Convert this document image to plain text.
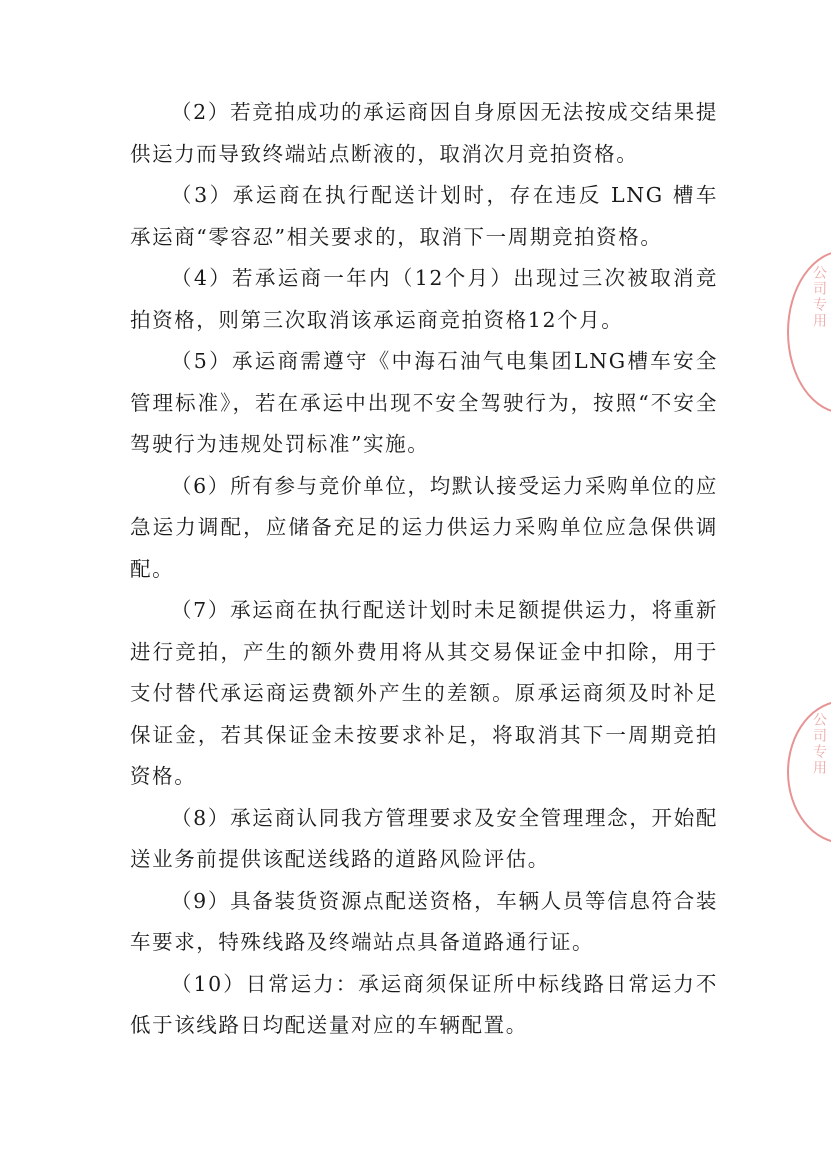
（2）若竞拍成功的承运商因自身原因无法按成交结果提供运力而导致终端站点断液的，取消次月竞拍资格。

（3）承运商在执行配送计划时，存在违反 LNG 槽车承运商“零容忍”相关要求的，取消下一周期竞拍资格。

（4）若承运商一年内（12个月）出现过三次被取消竞拍资格，则第三次取消该承运商竞拍资格12个月。

（5）承运商需遵守《中海石油气电集团LNG槽车安全管理标准》，若在承运中出现不安全驾驶行为，按照“不安全驾驶行为违规处罚标准”实施。

（6）所有参与竞价单位，均默认接受运力采购单位的应急运力调配，应储备充足的运力供运力采购单位应急保供调配。

（7）承运商在执行配送计划时未足额提供运力，将重新进行竞拍，产生的额外费用将从其交易保证金中扣除，用于支付替代承运商运费额外产生的差额。原承运商须及时补足保证金，若其保证金未按要求补足，将取消其下一周期竞拍资格。

（8）承运商认同我方管理要求及安全管理理念，开始配送业务前提供该配送线路的道路风险评估。

（9）具备装货资源点配送资格，车辆人员等信息符合装车要求，特殊线路及终端站点具备道路通行证。

（10）日常运力：承运商须保证所中标线路日常运力不低于该线路日均配送量对应的车辆配置。

公司专用
公司专用
